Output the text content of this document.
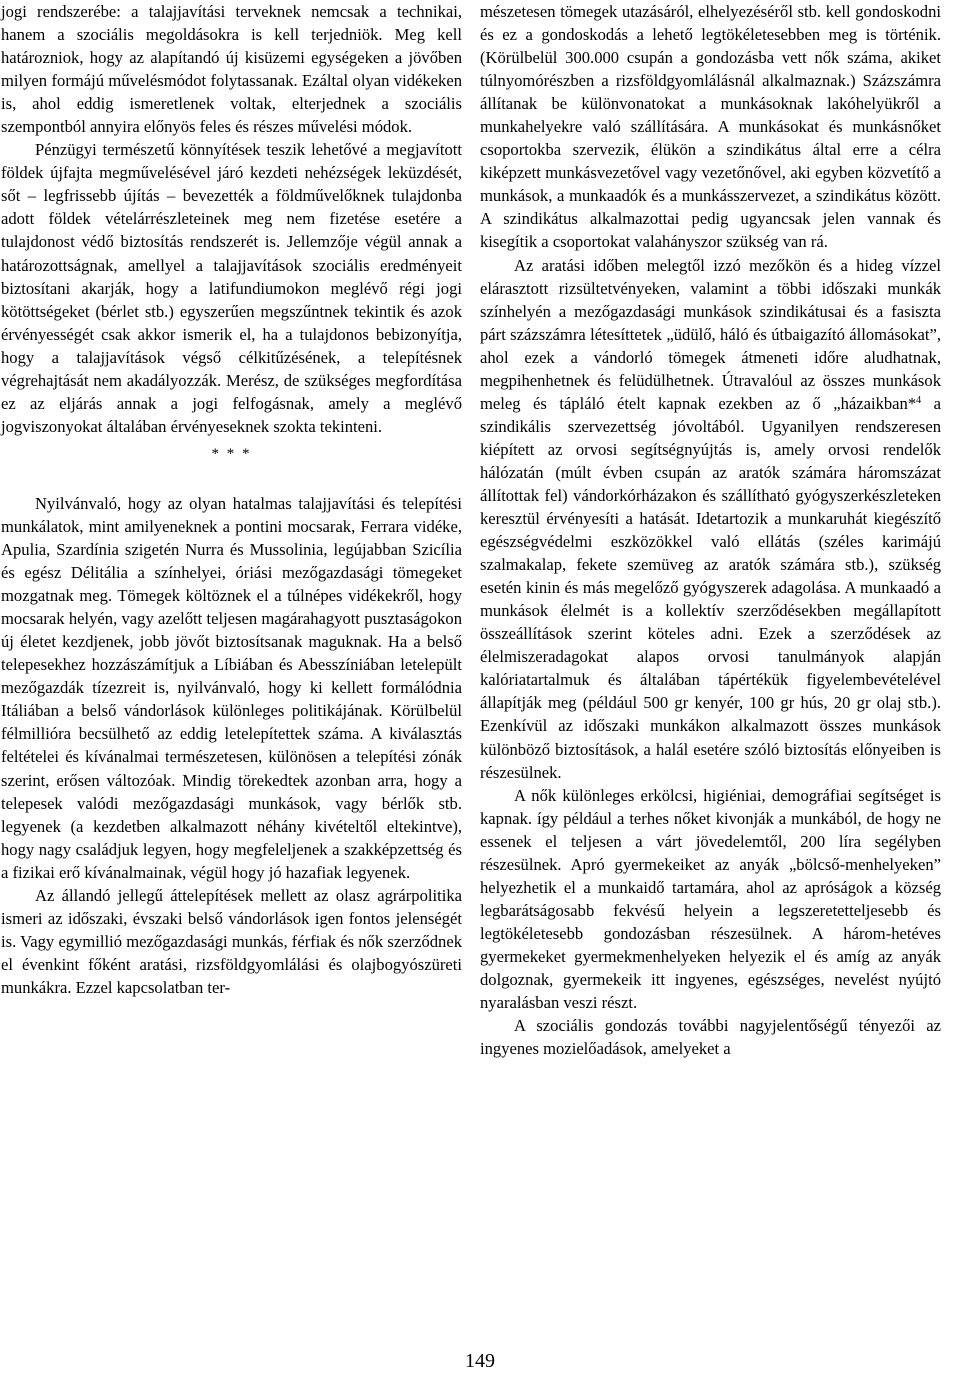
jogi rendszerébe: a talajjavítási terveknek nemcsak a technikai, hanem a szociális megoldásokra is kell terjedniök. Meg kell határozniok, hogy az alapítandó új kisüzemi egységeken a jövőben milyen formájú művelésmódot folytassanak. Ezáltal olyan vidékeken is, ahol eddig ismeretlenek voltak, elterjednek a szociális szempontból annyira előnyös feles és részes művelési módok.

Pénzügyi természetű könnyítések teszik lehetővé a megjavított földek újfajta megművelésével járó kezdeti nehézségek leküzdését, sőt – legfrissebb újítás – bevezették a földművelőknek tulajdonba adott földek vételárrészleteinek meg nem fizetése esetére a tulajdonost védő biztosítás rendszerét is. Jellemzője végül annak a határozottságnak, amellyel a talajjavítások szociális eredményeit biztosítani akarják, hogy a latifundiumokon meglévő régi jogi kötöttségeket (bérlet stb.) egyszerűen megszűntnek tekintik és azok érvényességét csak akkor ismerik el, ha a tulajdonos bebizonyítja, hogy a talajjavítások végső célkitűzésének, a telepítésnek végrehajtását nem akadályozzák. Merész, de szükséges megfordítása ez az eljárás annak a jogi felfogásnak, amely a meglévő jogviszonyokat általában érvényeseknek szokta tekinteni.

* * *

Nyilvánvaló, hogy az olyan hatalmas talajjavítási és telepítési munkálatok, mint amilyeneknek a pontini mocsarak, Ferrara vidéke, Apulia, Szardínia szigetén Nurra és Mussolinia, legújabban Szicília és egész Délitália a színhelyei, óriási mezőgazdasági tömegeket mozgatnak meg. Tömegek költöznek el a túlnépes vidékekről, hogy mocsarak helyén, vagy azelőtt teljesen magárahagyott pusztaságokon új életet kezdjenek, jobb jövőt biztosítsanak maguknak. Ha a belső telepesekhez hozzászámítjuk a Líbiában és Abesszíniában letelepült mezőgazdák tízezreit is, nyilvánvaló, hogy ki kellett formálódnia Itáliában a belső vándorlások különleges politikájának. Körülbelül félmillióra becsülhető az eddig letelepítettek száma. A kiválasztás feltételei és kívánalmai természetesen, különösen a telepítési zónák szerint, erősen változóak. Mindig törekedtek azonban arra, hogy a telepesek valódi mezőgazdasági munkások, vagy bérlők stb. legyenek (a kezdetben alkalmazott néhány kivételtől eltekintve), hogy nagy családjuk legyen, hogy megfeleljenek a szakképzettség és a fizikai erő kívánalmainak, végül hogy jó hazafiak legyenek.

Az állandó jellegű áttelepítések mellett az olasz agrárpolitika ismeri az időszaki, évszaki belső vándorlások igen fontos jelenségét is. Vagy egymillió mezőgazdasági munkás, férfiak és nők szerződnek el évenkint főként aratási, rizsföldgyomlálási és olajbogyószüreti munkákra. Ezzel kapcsolatban ter-

mészetesen tömegek utazásáról, elhelyezéséről stb. kell gondoskodni és ez a gondoskodás a lehető legtökéletesebben meg is történik. (Körülbelül 300.000 csupán a gondozásba vett nők száma, akiket túlnyomórészben a rizsföldgyomlálásnál alkalmaznak.) Százszámra állítanak be különvonatokat a munkásoknak lakóhelyükről a munkahelyekre való szállítására. A munkásokat és munkásnőket csoportokba szervezik, élükön a szindikátus által erre a célra kiképzett munkásvezetővel vagy vezetőnővel, aki egyben közvetítő a munkások, a munkaadók és a munkásszervezet, a szindikátus között. A szindikátus alkalmazottai pedig ugyancsak jelen vannak és kisegítik a csoportokat valahányszor szükség van rá.

Az aratási időben melegtől izzó mezőkön és a hideg vízzel elárasztott rizsültetvényeken, valamint a többi időszaki munkák színhelyén a mezőgazdasági munkások szindikátusai és a fasiszta párt százszámra létesíttetek „üdülő, háló és útbaigazító állomásokat”, ahol ezek a vándorló tömegek átmeneti időre aludhatnak, megpihenhetnek és felüdülhetnek. Útravalóul az összes munkások meleg és tápláló ételt kapnak ezekben az ő „házaikban*$^4$ a szindikális szervezettség jóvoltából. Ugyanilyen rendszeresen kiépített az orvosi segítségnyújtás is, amely orvosi rendelők hálózatán (múlt évben csupán az aratók számára háromszázat állítottak fel) vándorkórházakon és szállítható gyógyszerkészleteken keresztül érvényesíti a hatását. Idetartozik a munkaruhát kiegészítő egészségvédelmi eszközökkel való ellátás (széles karimájú szalmakalap, fekete szemüveg az aratók számára stb.), szükség esetén kinin és más megelőző gyógyszerek adagolása. A munkaadó a munkások élelmét is a kollektív szerződésekben megállapított összeállítások szerint köteles adni. Ezek a szerződések az élelmiszeradagokat alapos orvosi tanulmányok alapján kalóriatartalmuk és általában tápértékük figyelembevételével állapítják meg (például 500 gr kenyér, 100 gr hús, 20 gr olaj stb.). Ezenkívül az időszaki munkákon alkalmazott összes munkások különböző biztosítások, a halál esetére szóló biztosítás előnyeiben is részesülnek.

A nők különleges erkölcsi, higiéniai, demográfiai segítséget is kapnak. így például a terhes nőket kivonják a munkából, de hogy ne essenek el teljesen a várt jövedelemtől, 200 líra segélyben részesülnek. Apró gyermekeiket az anyák „bölcső-menhelyeken” helyezhetik el a munkaidő tartamára, ahol az apróságok a község legbarátságosabb fekvésű helyein a legszeretetteljesebb és legtökéletesebb gondozásban részesülnek. A három-hetéves gyermekeket gyermekmenhelyeken helyezik el és amíg az anyák dolgoznak, gyermekeik itt ingyenes, egészséges, nevelést nyújtó nyaralásban veszi részt.

A szociális gondozás további nagyjelentőségű tényezői az ingyenes mozielőadások, amelyeket a

149
